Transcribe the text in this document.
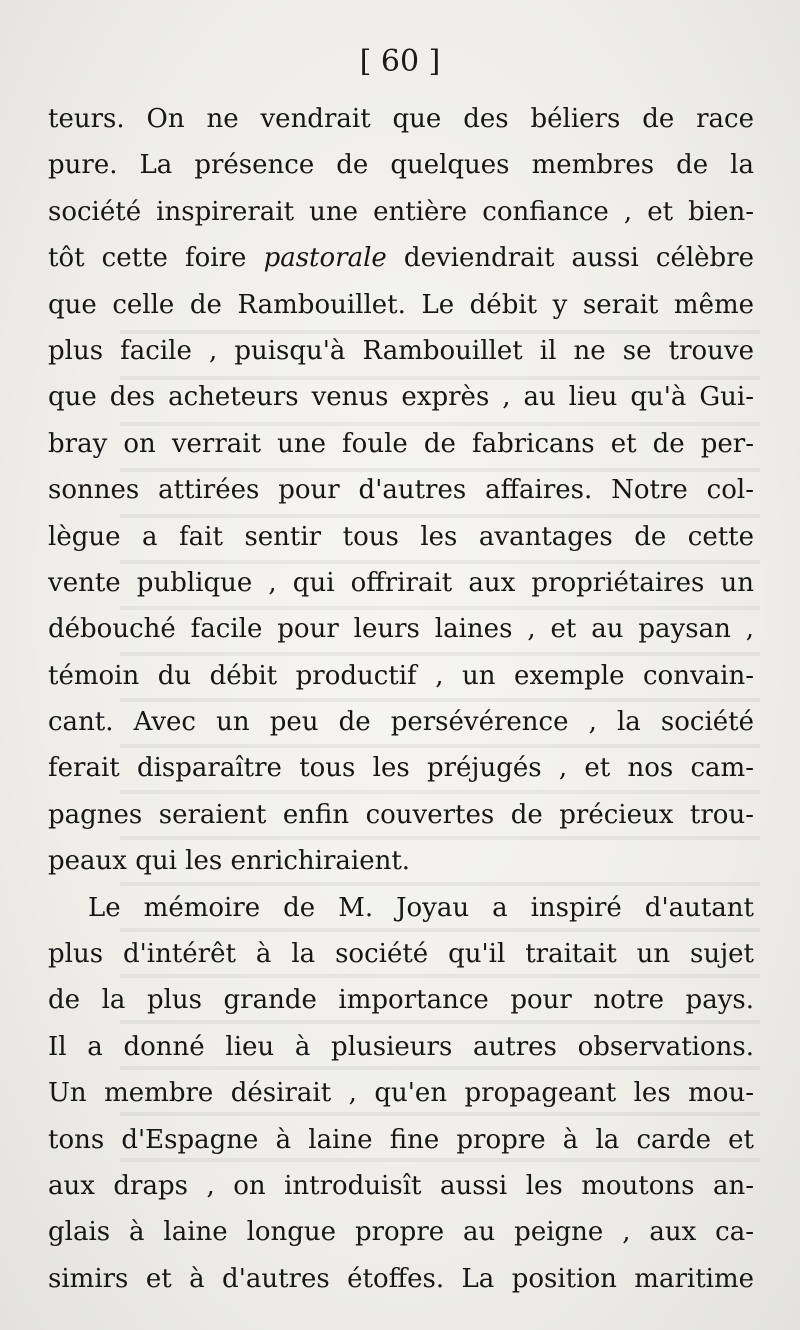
[ 60 ]
teurs. On ne vendrait que des béliers de race
pure. La présence de quelques membres de la
société inspirerait une entière confiance , et bien-
tôt cette foire pastorale deviendrait aussi célèbre
que celle de Rambouillet. Le débit y serait même
plus facile , puisqu'à Rambouillet il ne se trouve
que des acheteurs venus exprès , au lieu qu'à Gui-
bray on verrait une foule de fabricans et de per-
sonnes attirées pour d'autres affaires. Notre col-
lègue a fait sentir tous les avantages de cette
vente publique , qui offrirait aux propriétaires un
débouché facile pour leurs laines , et au paysan ,
témoin du débit productif , un exemple convain-
cant. Avec un peu de persévérence , la société
ferait disparaître tous les préjugés , et nos cam-
pagnes seraient enfin couvertes de précieux trou-
peaux qui les enrichiraient.
Le mémoire de M. Joyau a inspiré d'autant
plus d'intérêt à la société qu'il traitait un sujet
de la plus grande importance pour notre pays.
Il a donné lieu à plusieurs autres observations.
Un membre désirait , qu'en propageant les mou-
tons d'Espagne à laine fine propre à la carde et
aux draps , on introduisît aussi les moutons an-
glais à laine longue propre au peigne , aux ca-
simirs et à d'autres étoffes. La position maritime
